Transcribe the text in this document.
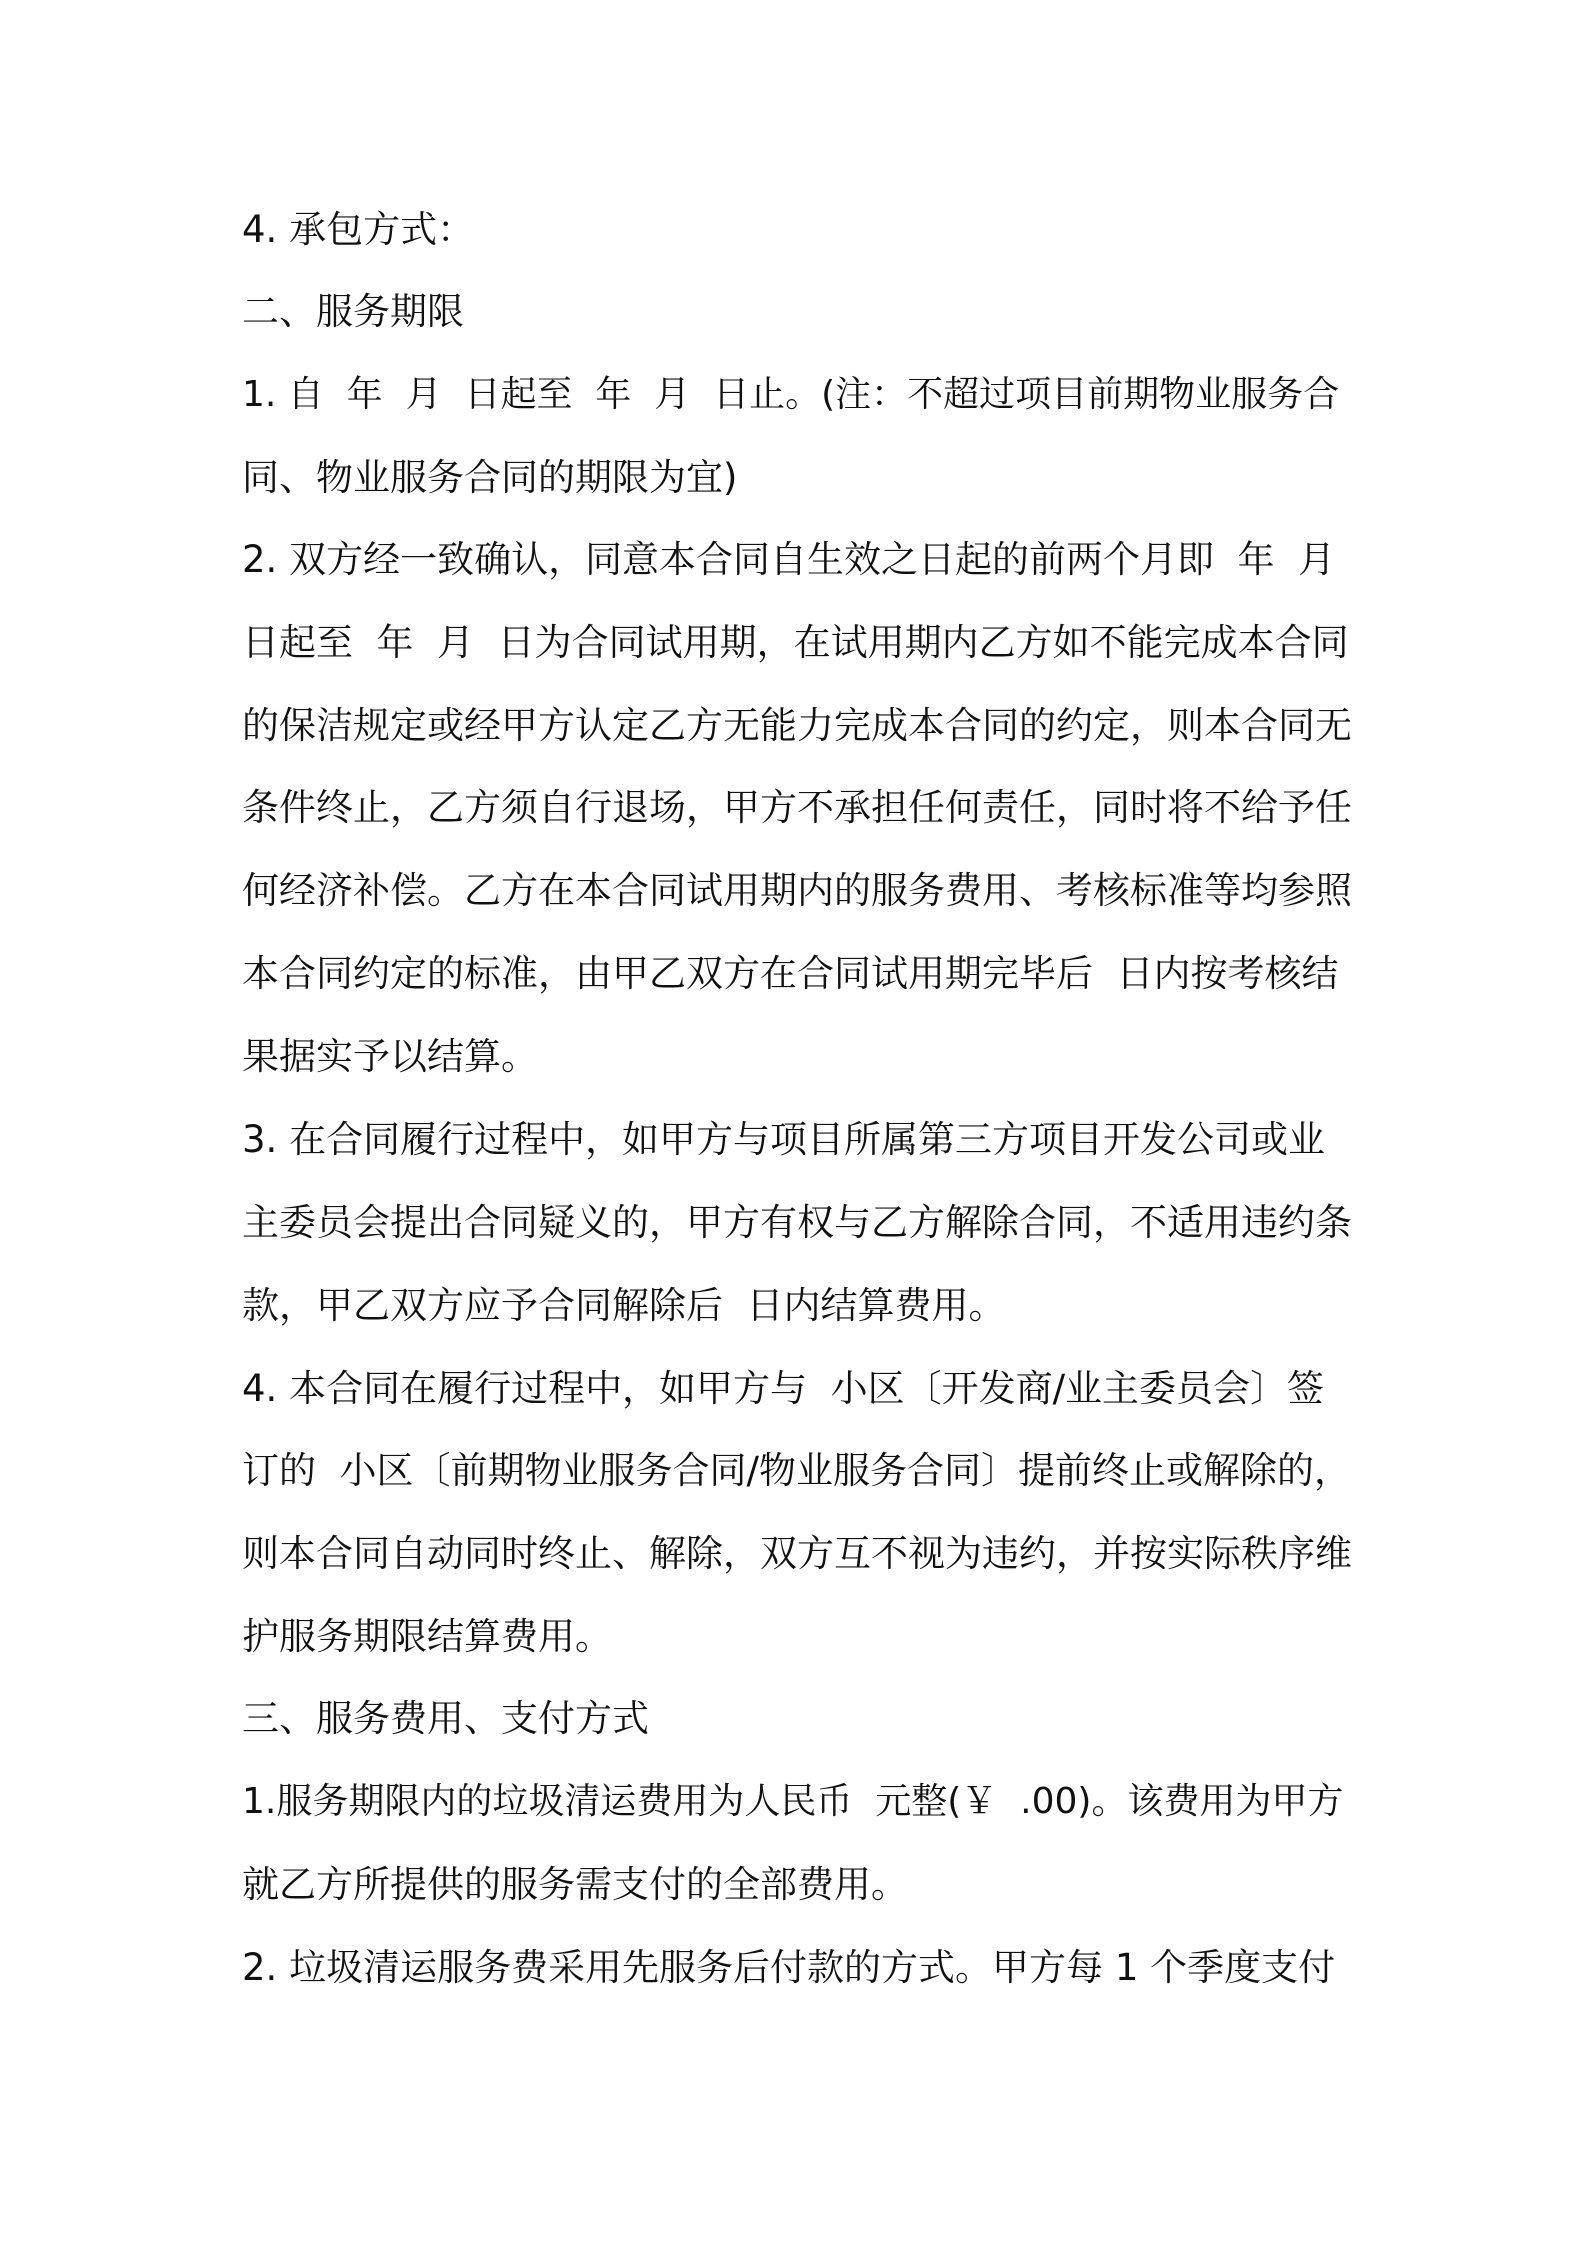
4. 承包方式：
二、服务期限
1. 自  年  月  日起至  年  月  日止。(注：不超过项目前期物业服务合
同、物业服务合同的期限为宜)
2. 双方经一致确认，同意本合同自生效之日起的前两个月即  年  月
日起至  年  月  日为合同试用期，在试用期内乙方如不能完成本合同
的保洁规定或经甲方认定乙方无能力完成本合同的约定，则本合同无
条件终止，乙方须自行退场，甲方不承担任何责任，同时将不给予任
何经济补偿。乙方在本合同试用期内的服务费用、考核标准等均参照
本合同约定的标准，由甲乙双方在合同试用期完毕后  日内按考核结
果据实予以结算。
3. 在合同履行过程中，如甲方与项目所属第三方项目开发公司或业
主委员会提出合同疑义的，甲方有权与乙方解除合同，不适用违约条
款，甲乙双方应予合同解除后  日内结算费用。
4. 本合同在履行过程中，如甲方与  小区〔开发商/业主委员会〕签
订的  小区〔前期物业服务合同/物业服务合同〕提前终止或解除的，
则本合同自动同时终止、解除，双方互不视为违约，并按实际秩序维
护服务期限结算费用。
三、服务费用、支付方式
1.服务期限内的垃圾清运费用为人民币  元整(￥  .00)。该费用为甲方
就乙方所提供的服务需支付的全部费用。
2. 垃圾清运服务费采用先服务后付款的方式。甲方每 1 个季度支付
